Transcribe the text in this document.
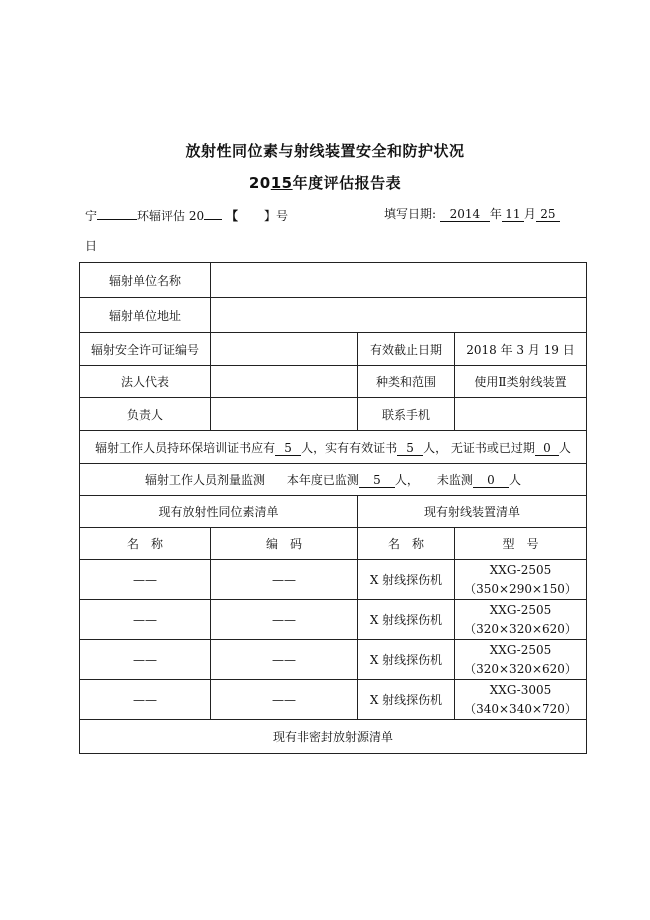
放射性同位素与射线装置安全和防护状况
2015年度评估报告表
宁	环辐评估 20 【 】号	填写日期: 2014 年 11 月 25
日
辐射单位名称			
辐射单位地址			
辐射安全许可证编号		有效截止日期	2018 年 3 月 19 日
法人代表		种类和范围	使用Ⅱ类射线装置
负责人		联系手机	
辐射工作人员持环保培训证书应有 5 人，实有有效证书 5 人， 无证书或已过期 0 人			
辐射工作人员剂量监测 本年度已监测 5 人， 未监测 0 人			
现有放射性同位素清单		现有射线装置清单	
名　称	编　码	名　称	型　号
——	——	X 射线探伤机	XXG-2505
（350×290×150）

——	——	X 射线探伤机	XXG-2505
（320×320×620）

——	——	X 射线探伤机	XXG-2505
（320×320×620）

——	——	X 射线探伤机	XXG-3005
（340×340×720）

现有非密封放射源清单			
